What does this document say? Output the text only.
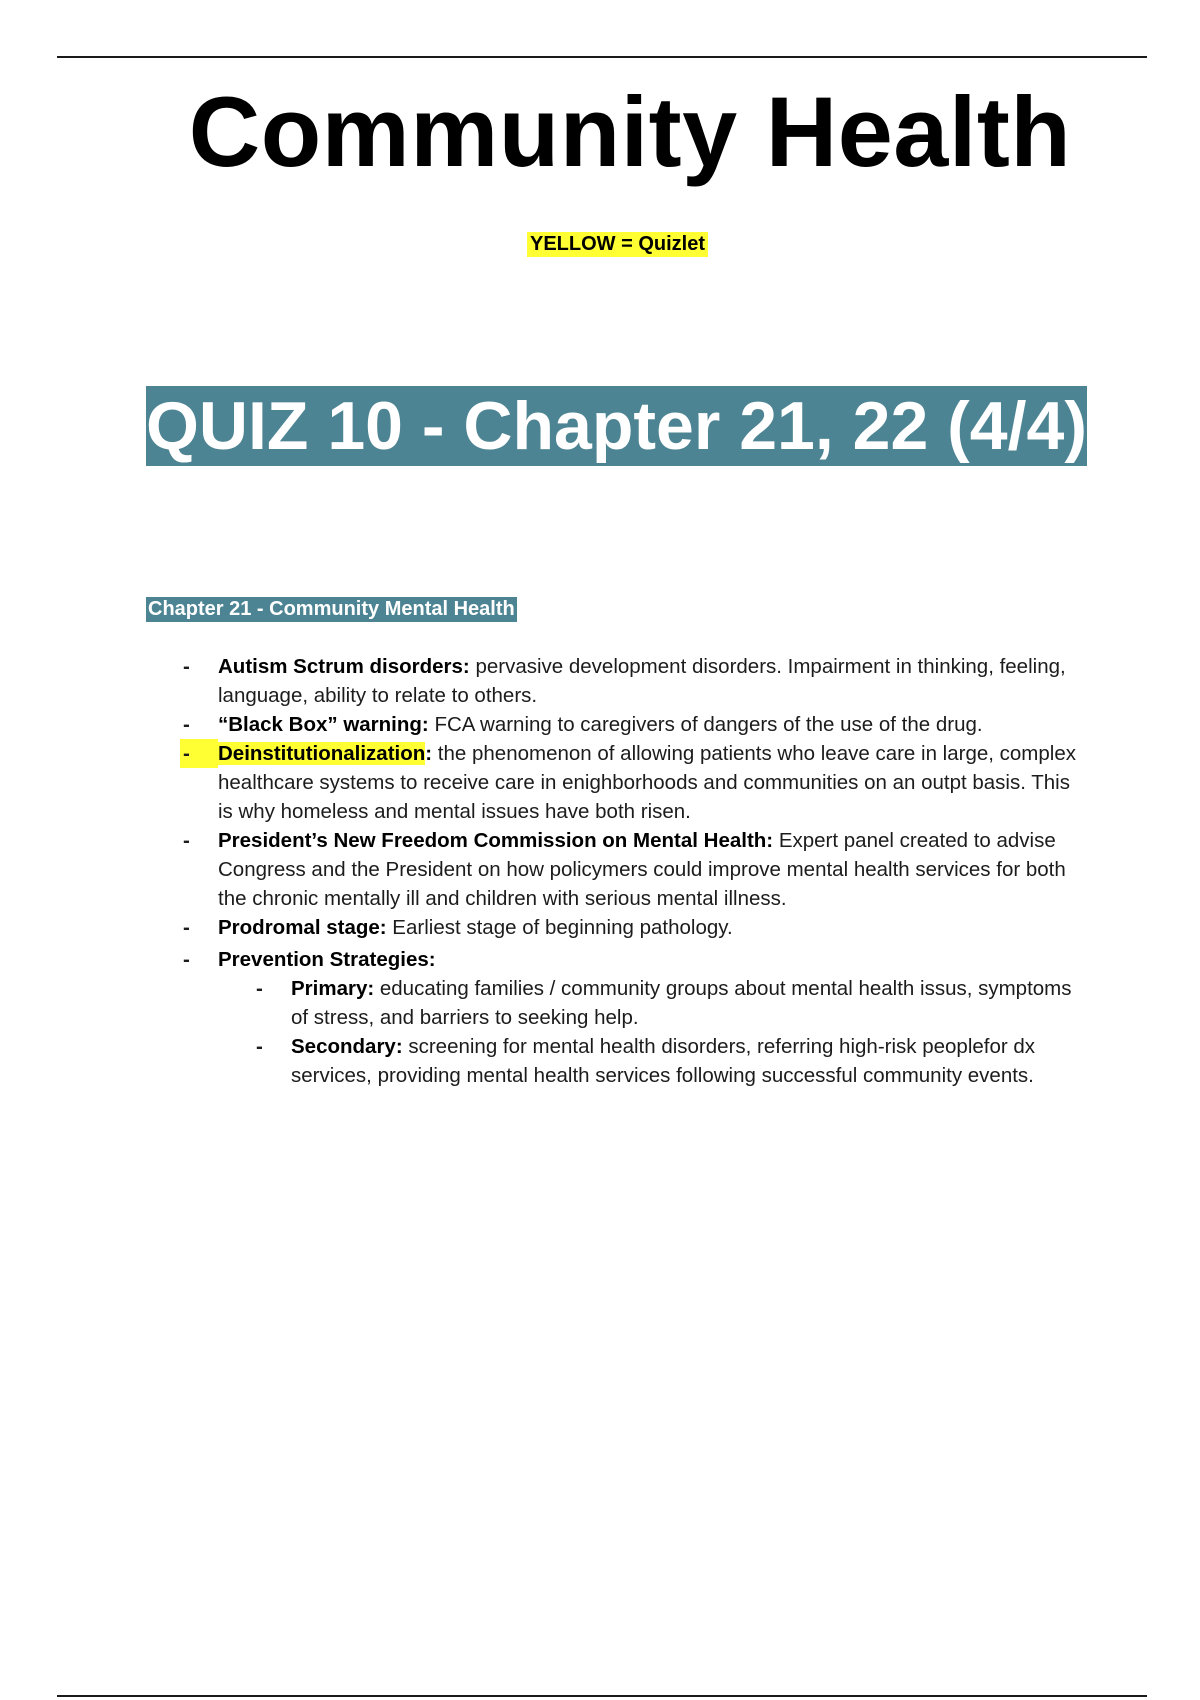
Community Health
YELLOW = Quizlet
QUIZ 10 - Chapter 21, 22 (4/4)
Chapter 21 - Community Mental Health
- Autism Sctrum disorders: pervasive development disorders. Impairment in thinking, feeling, language, ability to relate to others.
- “Black Box” warning: FCA warning to caregivers of dangers of the use of the drug.
-	Deinstitutionalization: the phenomenon of allowing patients who leave care in large, complex healthcare systems to receive care in enighborhoods and communities on an outpt basis. This is why homeless and mental issues have both risen.
- President’s New Freedom Commission on Mental Health: Expert panel created to advise Congress and the President on how policymers could improve mental health services for both the chronic mentally ill and children with serious mental illness.
- Prodromal stage: Earliest stage of beginning pathology.
- Prevention Strategies:
- Primary: educating families / community groups about mental health issus, symptoms of stress, and barriers to seeking help.
- Secondary: screening for mental health disorders, referring high-risk peoplefor dx services, providing mental health services following successful community events.
